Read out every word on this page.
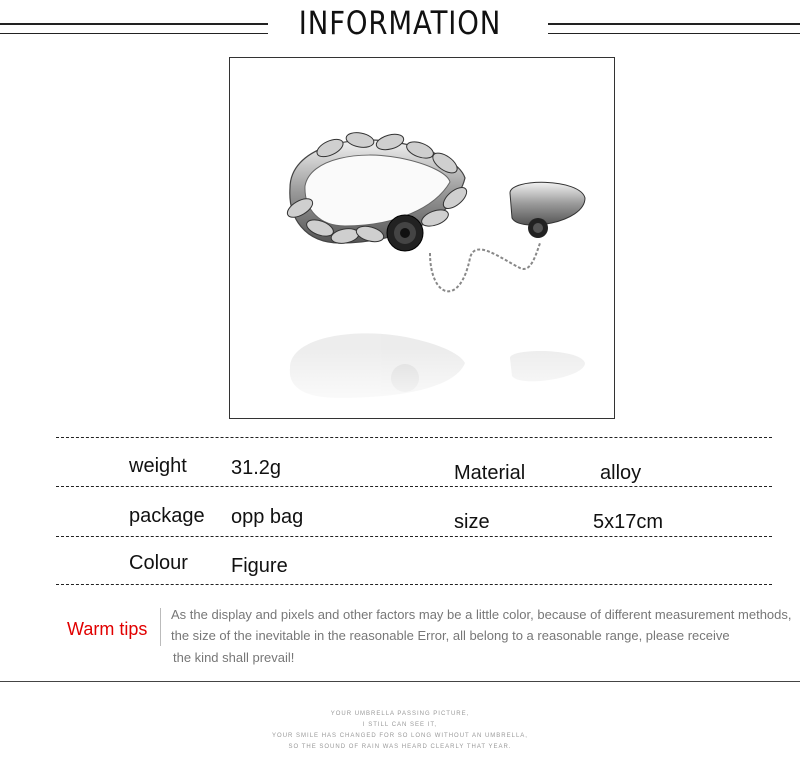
INFORMATION
weight 31.2g	Material	alloy
package opp bag	size	5x17cm
Colour Figure
Warm tips
As the display and pixels and other factors may be a little color, because of different measurement methods,
the size of the inevitable in the reasonable Error, all belong to a reasonable range, please receive
the kind shall prevail!
YOUR UMBRELLA PASSING PICTURE,
I STILL CAN SEE IT,
YOUR SMILE HAS CHANGED FOR SO LONG WITHOUT AN UMBRELLA,
SO THE SOUND OF RAIN WAS HEARD CLEARLY THAT YEAR.
